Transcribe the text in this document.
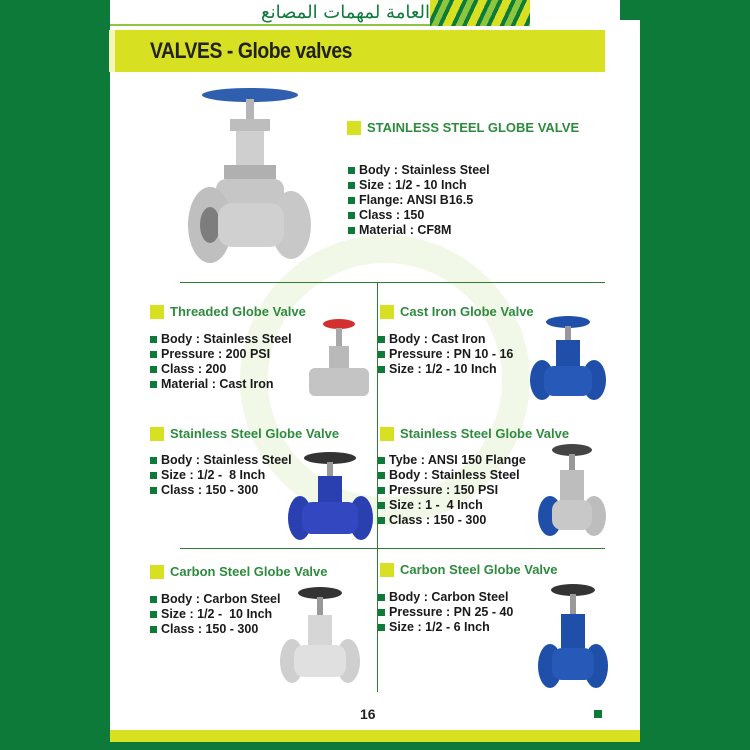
العامة لمهمات المصانع
VALVES - Globe valves
STAINLESS STEEL GLOBE VALVE
Body : Stainless Steel
Size : 1/2 - 10 Inch
Flange: ANSI B16.5
Class : 150
Material : CF8M
Threaded Globe Valve
Body : Stainless Steel
Pressure : 200 PSI
Class : 200
Material : Cast Iron
Cast Iron Globe Valve
Body : Cast Iron
Pressure : PN 10 - 16
Size : 1/2 - 10 Inch
Stainless Steel Globe Valve
Body : Stainless Steel
Size : 1/2 -  8 Inch
Class : 150 - 300
Stainless Steel Globe Valve
Tybe : ANSI 150 Flange
Body : Stainless Steel
Pressure : 150 PSI
Size : 1 -  4 Inch
Class : 150 - 300
Carbon Steel Globe Valve
Body : Carbon Steel
Size : 1/2 -  10 Inch
Class : 150 - 300
Carbon Steel Globe Valve
Body : Carbon Steel
Pressure : PN 25 - 40
Size : 1/2 - 6 Inch
16
